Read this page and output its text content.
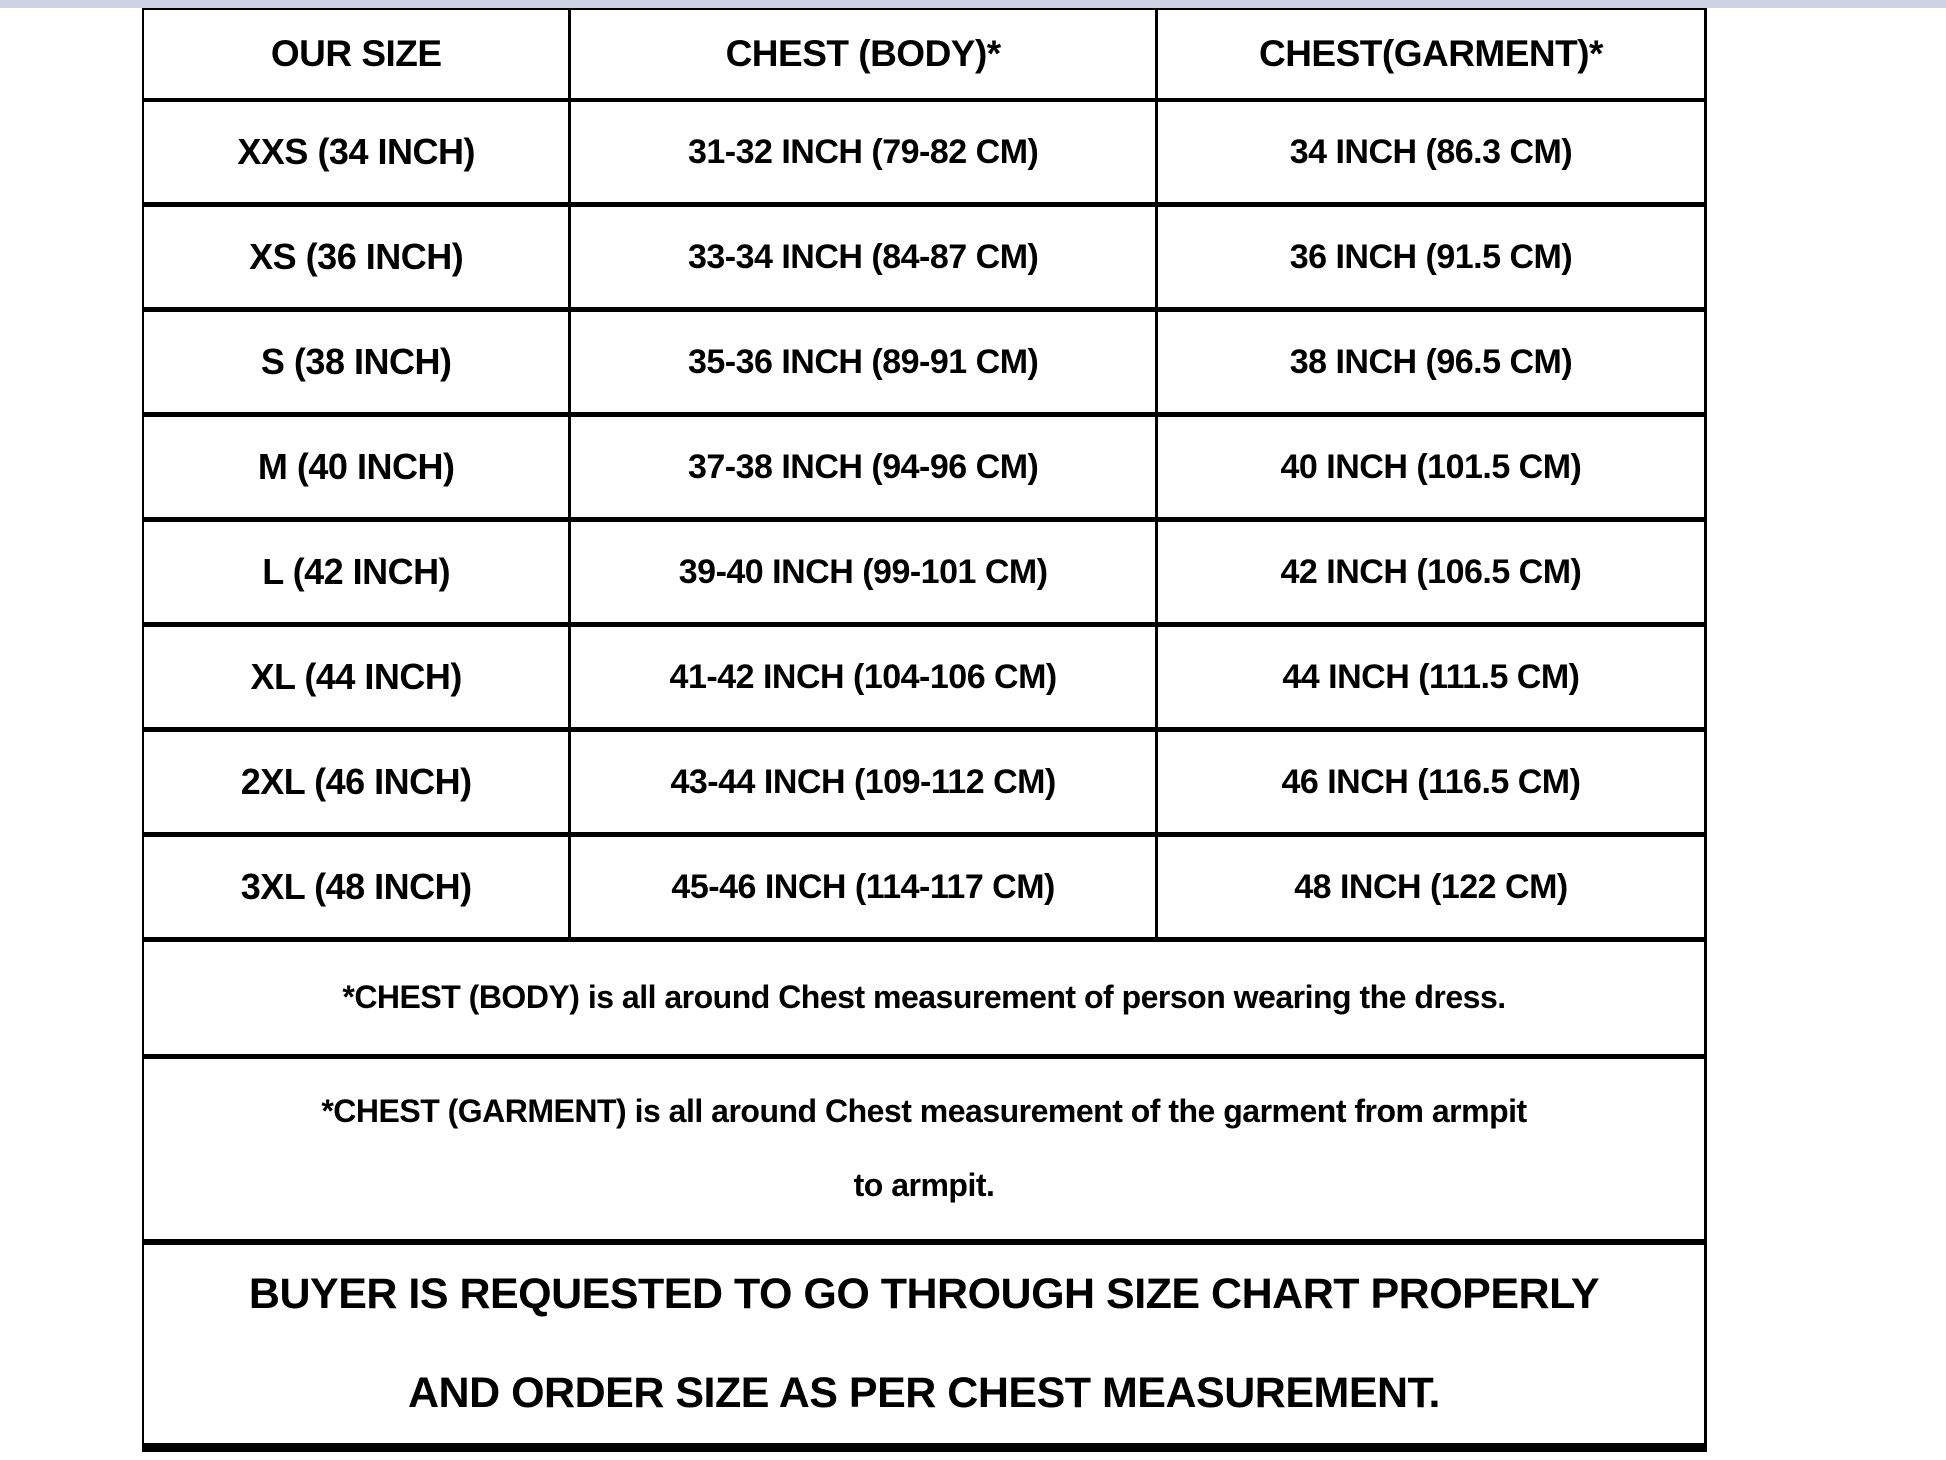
OUR SIZE	CHEST (BODY)*	CHEST(GARMENT)*
XXS (34 INCH)	31-32 INCH (79-82 CM)	34 INCH (86.3 CM)
XS (36 INCH)	33-34 INCH (84-87 CM)	36 INCH (91.5 CM)
S (38 INCH)	35-36 INCH (89-91 CM)	38 INCH (96.5 CM)
M (40 INCH)	37-38 INCH (94-96 CM)	40 INCH (101.5 CM)
L (42 INCH)	39-40 INCH (99-101 CM)	42 INCH (106.5 CM)
XL (44 INCH)	41-42 INCH (104-106 CM)	44 INCH (111.5 CM)
2XL (46 INCH)	43-44 INCH (109-112 CM)	46 INCH (116.5 CM)
3XL (48 INCH)	45-46 INCH (114-117 CM)	48 INCH (122 CM)
*CHEST (BODY) is all around Chest measurement of person wearing the dress.
*CHEST (GARMENT) is all around Chest measurement of the garment from armpit to armpit.
BUYER IS REQUESTED TO GO THROUGH SIZE CHART PROPERLY AND ORDER SIZE AS PER CHEST MEASUREMENT.
